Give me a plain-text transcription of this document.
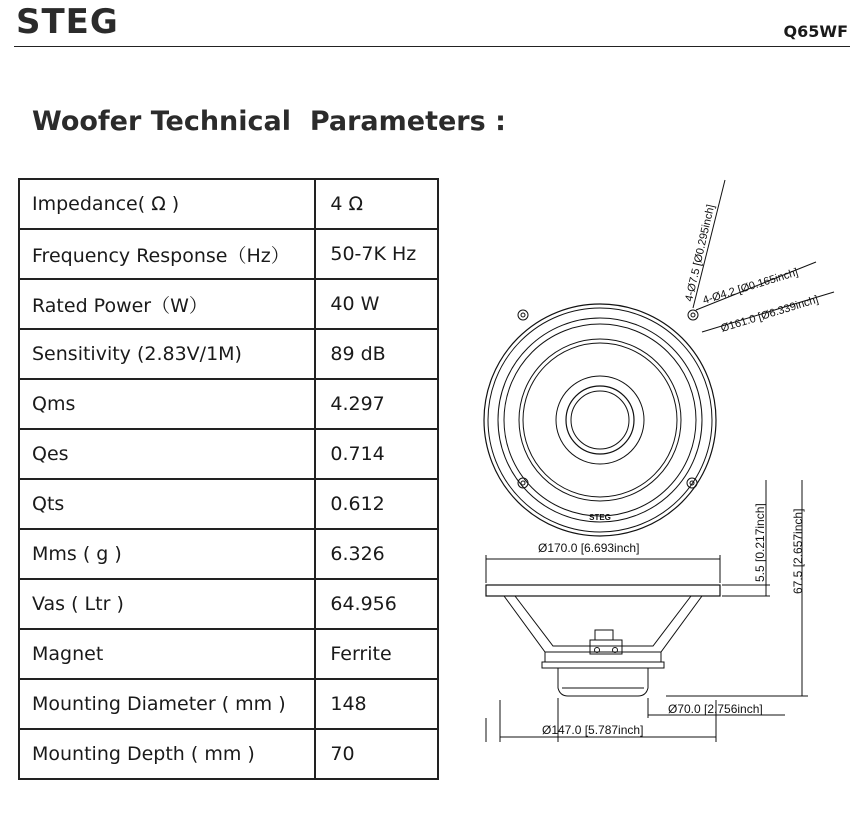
STEG	Q65WF
Woofer Technical  Parameters :
Impedance( Ω )	4 Ω
Frequency Response（Hz）	50-7K Hz
Rated Power（W）	40 W
Sensitivity (2.83V/1M)	89 dB
Qms	4.297
Qes	0.714
Qts	0.612
Mms ( g )	6.326
Vas ( Ltr )	64.956
Magnet	Ferrite
Mounting Diameter ( mm )	148
Mounting Depth ( mm )	70
STEG
4-Ø7.5 [Ø0.295inch]
4-Ø4.2 [Ø0.165inch]
Ø161.0 [Ø6.339inch]
Ø170.0 [6.693inch]	5.5 [0.217inch] 67.5 [2.657inch]
Ø70.0 [2.756inch]
Ø147.0 [5.787inch]
